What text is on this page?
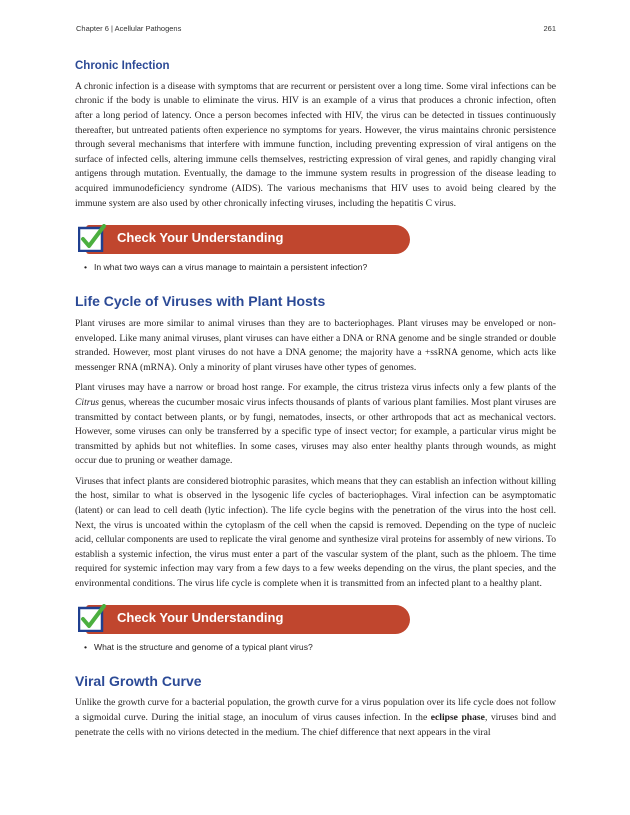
Chapter 6 | Acellular Pathogens	261
Chronic Infection

A chronic infection is a disease with symptoms that are recurrent or persistent over a long time. Some viral infections can be chronic if the body is unable to eliminate the virus. HIV is an example of a virus that produces a chronic infection, often after a long period of latency. Once a person becomes infected with HIV, the virus can be detected in tissues continuously thereafter, but untreated patients often experience no symptoms for years. However, the virus maintains chronic persistence through several mechanisms that interfere with immune function, including preventing expression of viral antigens on the surface of infected cells, altering immune cells themselves, restricting expression of viral genes, and rapidly changing viral antigens through mutation. Eventually, the damage to the immune system results in progression of the disease leading to acquired immunodeficiency syndrome (AIDS). The various mechanisms that HIV uses to avoid being cleared by the immune system are also used by other chronically infecting viruses, including the hepatitis C virus.

Check Your Understanding
• In what two ways can a virus manage to maintain a persistent infection?
Life Cycle of Viruses with Plant Hosts

Plant viruses are more similar to animal viruses than they are to bacteriophages. Plant viruses may be enveloped or non-enveloped. Like many animal viruses, plant viruses can have either a DNA or RNA genome and be single stranded or double stranded. However, most plant viruses do not have a DNA genome; the majority have a +ssRNA genome, which acts like messenger RNA (mRNA). Only a minority of plant viruses have other types of genomes.

Plant viruses may have a narrow or broad host range. For example, the citrus tristeza virus infects only a few plants of the Citrus genus, whereas the cucumber mosaic virus infects thousands of plants of various plant families. Most plant viruses are transmitted by contact between plants, or by fungi, nematodes, insects, or other arthropods that act as mechanical vectors. However, some viruses can only be transferred by a specific type of insect vector; for example, a particular virus might be transmitted by aphids but not whiteflies. In some cases, viruses may also enter healthy plants through wounds, as might occur due to pruning or weather damage.

Viruses that infect plants are considered biotrophic parasites, which means that they can establish an infection without killing the host, similar to what is observed in the lysogenic life cycles of bacteriophages. Viral infection can be asymptomatic (latent) or can lead to cell death (lytic infection). The life cycle begins with the penetration of the virus into the host cell. Next, the virus is uncoated within the cytoplasm of the cell when the capsid is removed. Depending on the type of nucleic acid, cellular components are used to replicate the viral genome and synthesize viral proteins for assembly of new virions. To establish a systemic infection, the virus must enter a part of the vascular system of the plant, such as the phloem. The time required for systemic infection may vary from a few days to a few weeks depending on the virus, the plant species, and the environmental conditions. The virus life cycle is complete when it is transmitted from an infected plant to a healthy plant.

Check Your Understanding
• What is the structure and genome of a typical plant virus?
Viral Growth Curve

Unlike the growth curve for a bacterial population, the growth curve for a virus population over its life cycle does not follow a sigmoidal curve. During the initial stage, an inoculum of virus causes infection. In the eclipse phase, viruses bind and penetrate the cells with no virions detected in the medium. The chief difference that next appears in the viral
